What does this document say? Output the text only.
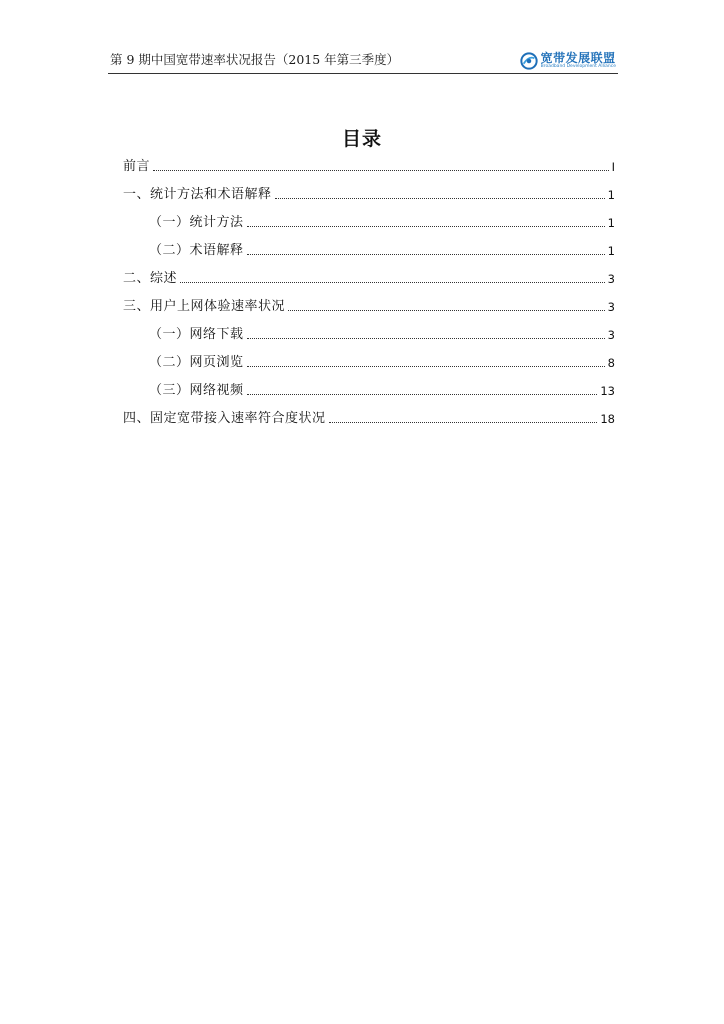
第 9 期中国宽带速率状况报告（2015 年第三季度）	宽带发展联盟
Broadband Development Alliance
目录
前言	I
一、统计方法和术语解释	1
（一）统计方法	1
（二）术语解释	1
二、综述	3
三、用户上网体验速率状况	3
（一）网络下载	3
（二）网页浏览	8
（三）网络视频	13
四、固定宽带接入速率符合度状况	18
